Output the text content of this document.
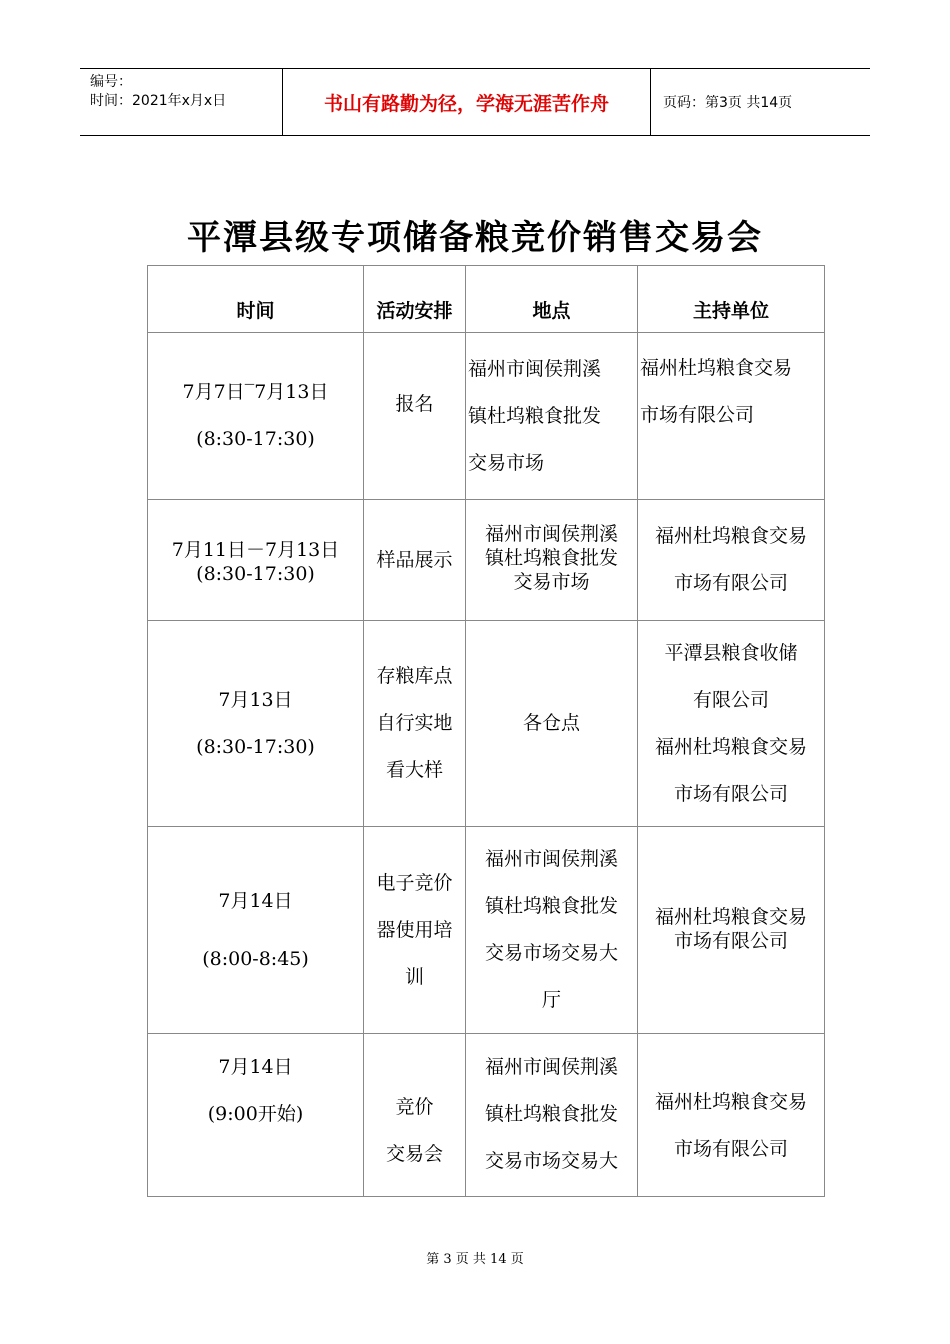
编号：
时间：2021年x月x日	书山有路勤为径，学海无涯苦作舟	页码：第3页 共14页
平潭县级专项储备粮竞价销售交易会
时间	活动安排	地点	主持单位

7月7日‾7月13日
(8:30-17:30)	报名	福州市闽侯荆溪
镇杜坞粮食批发
交易市场	福州杜坞粮食交易
市场有限公司

7月11日－7月13日
(8:30-17:30)	样品展示	福州市闽侯荆溪
镇杜坞粮食批发
交易市场	福州杜坞粮食交易
市场有限公司

7月13日
(8:30-17:30)	存粮库点
自行实地
看大样	各仓点	平潭县粮食收储
有限公司
福州杜坞粮食交易
市场有限公司

7月14日
(8:00-8:45)	电子竞价
器使用培
训	福州市闽侯荆溪
镇杜坞粮食批发
交易市场交易大
厅	福州杜坞粮食交易
市场有限公司

7月14日
(9:00开始)	竞价
交易会	福州市闽侯荆溪
镇杜坞粮食批发
交易市场交易大	福州杜坞粮食交易
市场有限公司
第 3 页 共 14 页
